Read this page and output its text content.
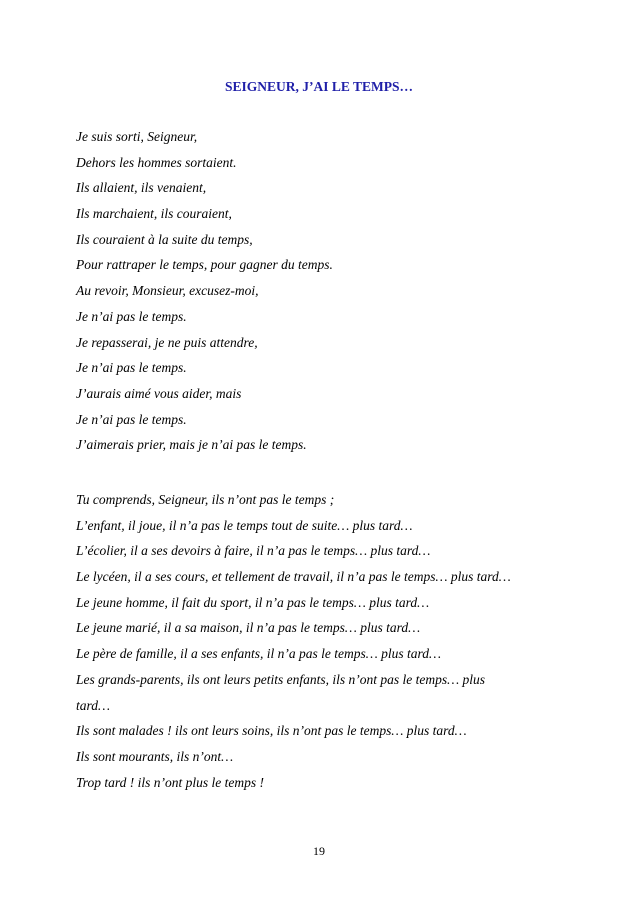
SEIGNEUR, J’AI LE TEMPS…
Je suis sorti, Seigneur,
Dehors les hommes sortaient.
Ils allaient, ils venaient,
Ils marchaient, ils couraient,
Ils couraient à la suite du temps,
Pour rattraper le temps, pour gagner du temps.
Au revoir, Monsieur, excusez-moi,
Je n’ai pas le temps.
Je repasserai, je ne puis attendre,
Je n’ai pas le temps.
J’aurais aimé vous aider, mais
Je n’ai pas le temps.
J’aimerais prier, mais je n’ai pas le temps.
Tu comprends, Seigneur, ils n’ont pas le temps ;
L’enfant, il joue, il n’a pas le temps tout de suite… plus tard…
L’écolier, il a ses devoirs à faire, il n’a pas le temps… plus tard…
Le lycéen, il a ses cours, et tellement de travail, il n’a pas le temps… plus tard…
Le jeune homme, il fait du sport, il n’a pas le temps… plus tard…
Le jeune marié, il a sa maison, il n’a pas le temps… plus tard…
Le père de famille, il a ses enfants, il n’a pas le temps… plus tard…
Les grands-parents, ils ont leurs petits enfants, ils n’ont pas le temps… plus
tard…
Ils sont malades ! ils ont leurs soins, ils n’ont pas le temps… plus tard…
Ils sont mourants, ils n’ont…
Trop tard ! ils n’ont plus le temps !
19
